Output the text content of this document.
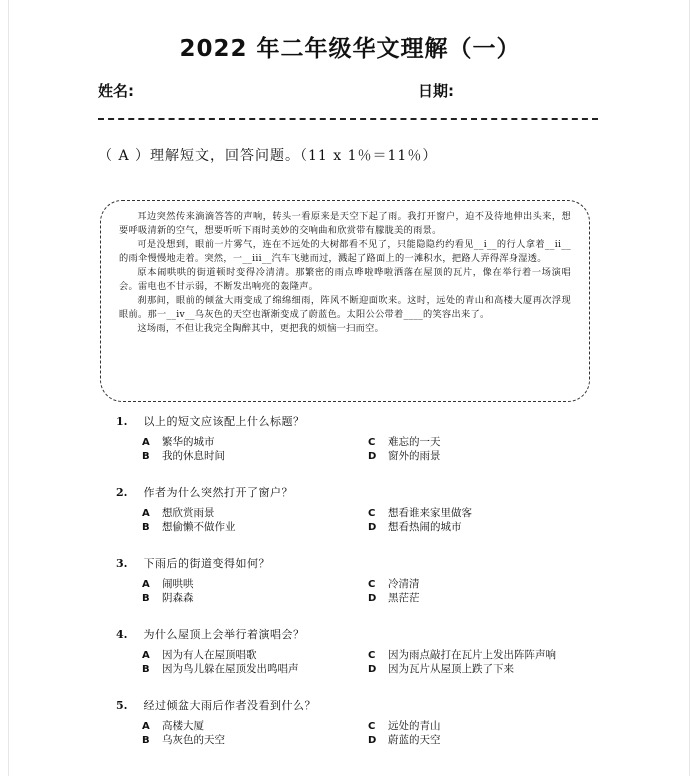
2022 年二年级华文理解（一）
姓名:	日期:
（ A ）理解短文，回答问题。（11 x 1％＝11％）

耳边突然传来滴滴答答的声响，转头一看原来是天空下起了雨。我打开窗户，迫不及待地伸出头来，想要呼吸清新的空气，想要听听下雨时美妙的交响曲和欣赏带有朦胧美的雨景。

可是没想到，眼前一片雾气，连在不远处的大树都看不见了，只能隐隐约约看见__i__的行人拿着__ii__的雨伞慢慢地走着。突然，一__iii__汽车飞驰而过，溅起了路面上的一滩积水，把路人弄得浑身湿透。

原本闹哄哄的街道顿时变得冷清清。那繁密的雨点哗啦哗啦洒落在屋顶的瓦片，像在举行着一场演唱会。雷电也不甘示弱，不断发出响亮的轰隆声。

刹那间，眼前的倾盆大雨变成了绵绵细雨，阵风不断迎面吹来。这时，远处的青山和高楼大厦再次浮现眼前。那一__iv__乌灰色的天空也渐渐变成了蔚蓝色。太阳公公带着____的笑容出来了。

这场雨，不但让我完全陶醉其中，更把我的烦恼一扫而空。

1. 以上的短文应该配上什么标题？
A 繁华的城市	C 难忘的一天
B 我的休息时间	D 窗外的雨景
2. 作者为什么突然打开了窗户？
A 想欣赏雨景	C 想看谁来家里做客
B 想偷懒不做作业	D 想看热闹的城市
3. 下雨后的街道变得如何？
A 闹哄哄	C 冷清清
B 阴森森	D 黑茫茫
4. 为什么屋顶上会举行着演唱会？
A 因为有人在屋顶唱歌	C 因为雨点敲打在瓦片上发出阵阵声响
B 因为鸟儿躲在屋顶发出鸣唱声	D 因为瓦片从屋顶上跌了下来
5. 经过倾盆大雨后作者没看到什么？
A 高楼大厦	C 远处的青山
B 乌灰色的天空	D 蔚蓝的天空
